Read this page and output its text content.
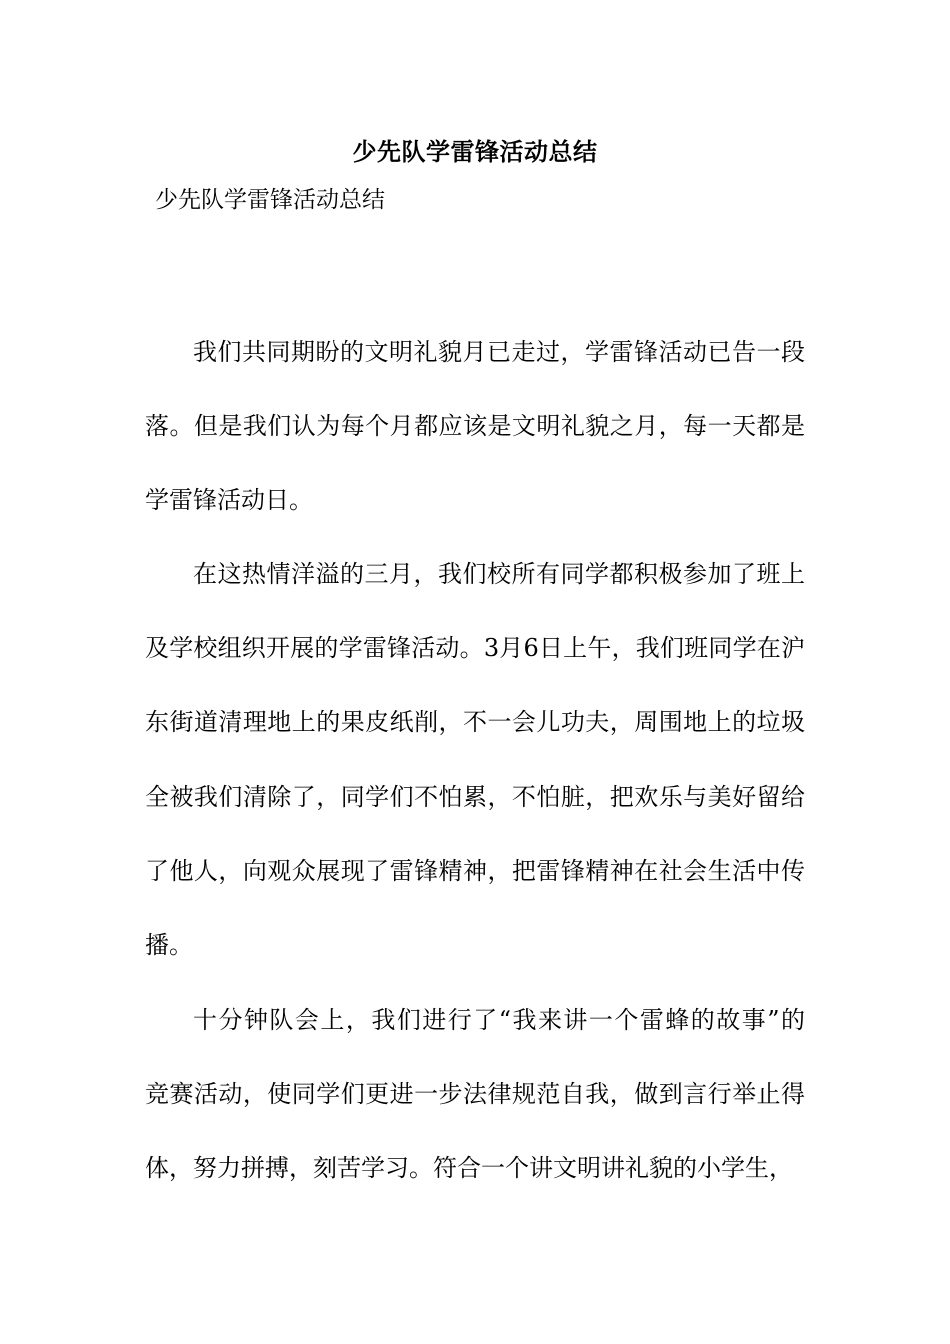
少先队学雷锋活动总结
少先队学雷锋活动总结
我们共同期盼的文明礼貌月已走过，学雷锋活动已告一段
落。但是我们认为每个月都应该是文明礼貌之月，每一天都是
学雷锋活动日。
在这热情洋溢的三月，我们校所有同学都积极参加了班上
及学校组织开展的学雷锋活动。3月6日上午，我们班同学在沪
东街道清理地上的果皮纸削，不一会儿功夫，周围地上的垃圾
全被我们清除了，同学们不怕累，不怕脏，把欢乐与美好留给
了他人，向观众展现了雷锋精神，把雷锋精神在社会生活中传
播。
十分钟队会上，我们进行了“我来讲一个雷蜂的故事”的
竞赛活动，使同学们更进一步法律规范自我，做到言行举止得
体，努力拼搏，刻苦学习。符合一个讲文明讲礼貌的小学生，
